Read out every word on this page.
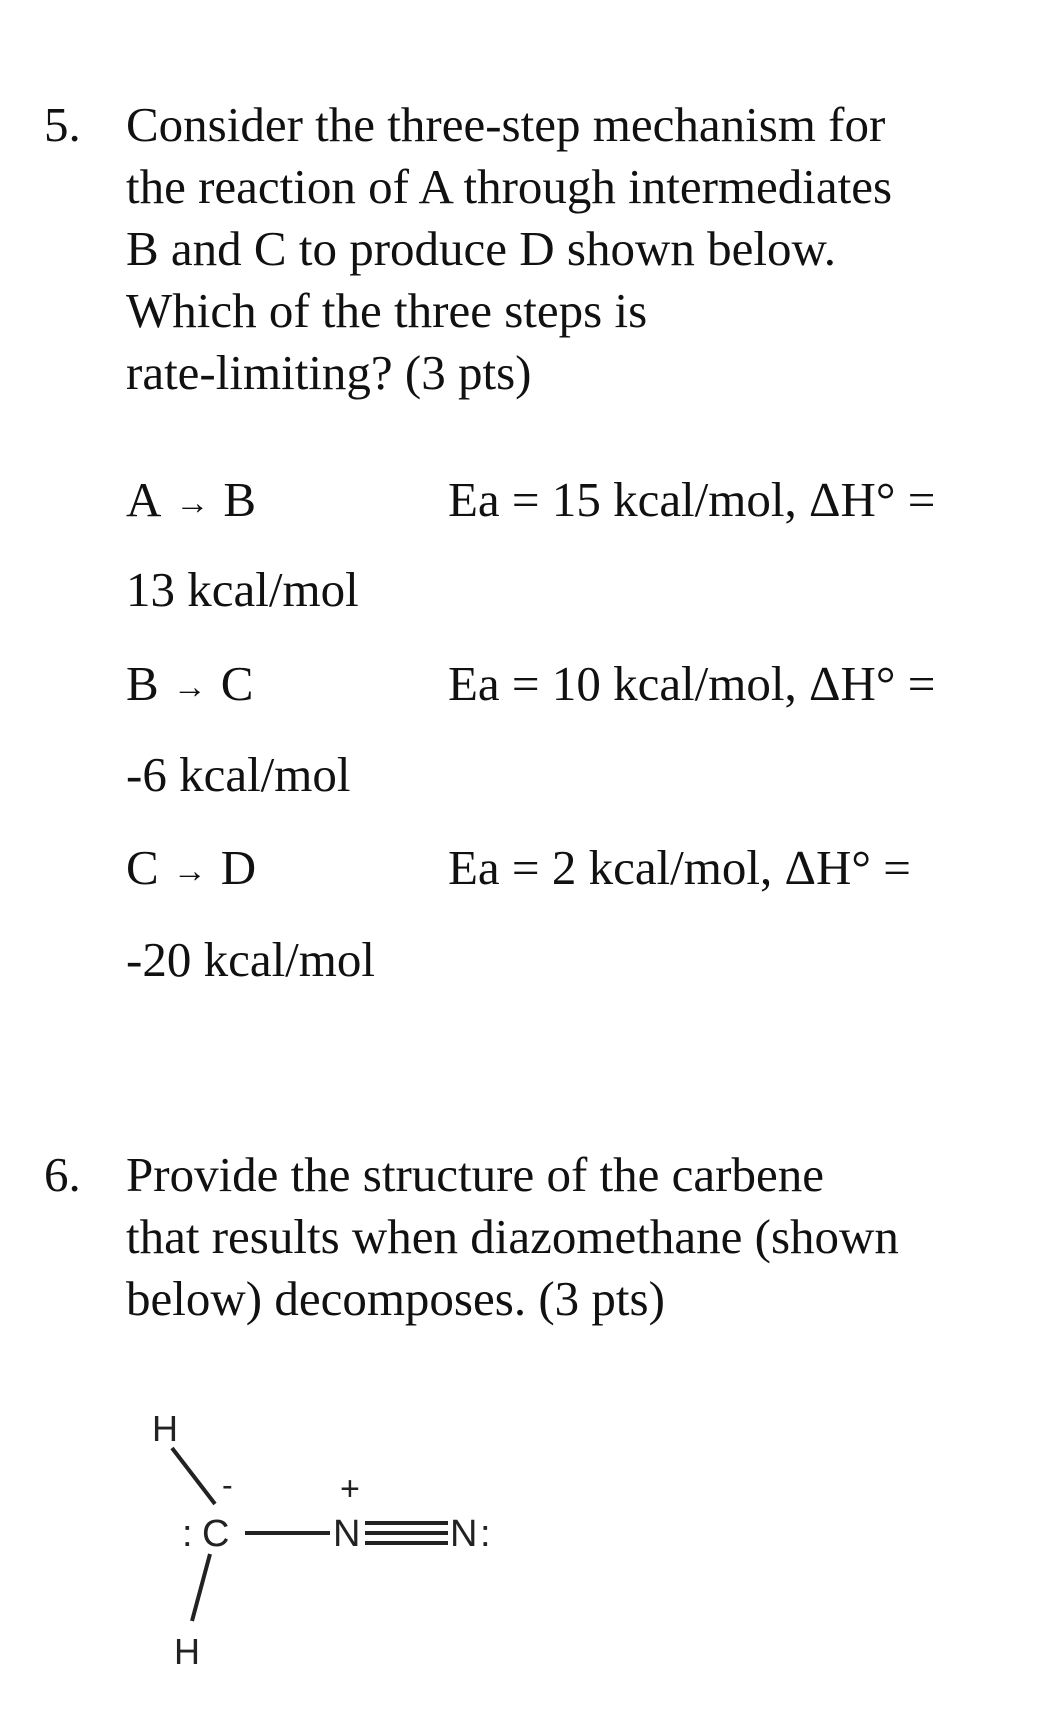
5. Consider the three-step mechanism for
the reaction of A through intermediates
B and C to produce D shown below.
Which of the three steps is
rate-limiting? (3 pts)
A → B	Ea = 15 kcal/mol, ΔH° =
13 kcal/mol
B → C	Ea = 10 kcal/mol, ΔH° =
-6 kcal/mol
C → D	Ea = 2 kcal/mol, ΔH° =
-20 kcal/mol
6. Provide the structure of the carbene
that results when diazomethane (shown
below) decomposes. (3 pts)
H
: C
-	+
N N :
H
